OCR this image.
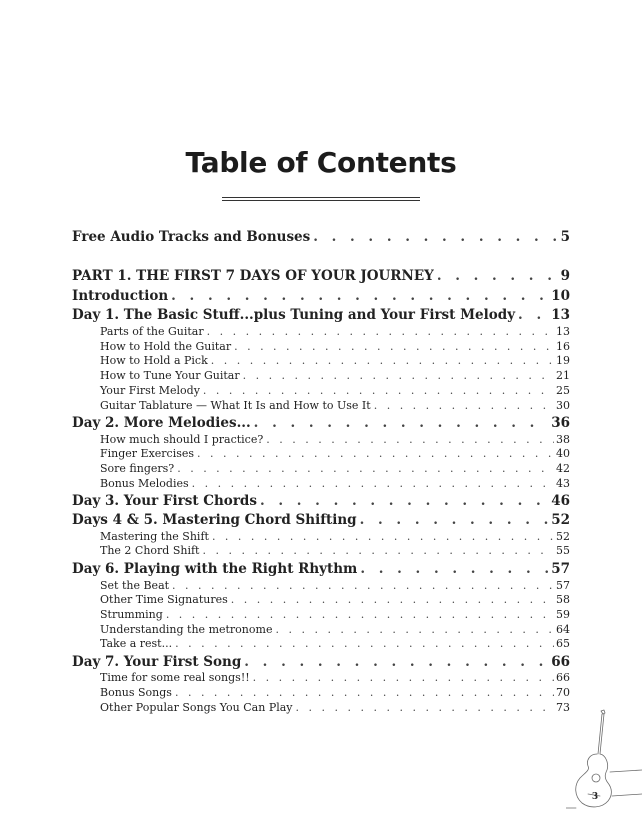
Table of Contents
Free Audio Tracks and Bonuses . . .	5
PART 1. THE FIRST 7 DAYS OF YOUR JOURNEY . . .	9
Introduction . . .	10
Day 1. The Basic Stuff...plus Tuning and Your First Melody . . .	13
Parts of the Guitar . . .	13
How to Hold the Guitar . . .	16
How to Hold a Pick . . .	19
How to Tune Your Guitar . . .	21
Your First Melody . . .	25
Guitar Tablature — What It Is and How to Use It . . .	30
Day 2. More Melodies... . . .	36
How much should I practice? . . .	38
Finger Exercises . . .	40
Sore fingers? . . .	42
Bonus Melodies . . .	43
Day 3. Your First Chords . . .	46
Days 4 & 5. Mastering Chord Shifting . . .	52
Mastering the Shift . . .	52
The 2 Chord Shift . . .	55
Day 6. Playing with the Right Rhythm . . .	57
Set the Beat . . .	57
Other Time Signatures . . .	58
Strumming . . .	59
Understanding the metronome . . .	64
Take a rest... . . .	65
Day 7. Your First Song . . .	66
Time for some real songs!! . . .	66
Bonus Songs . . .	70
Other Popular Songs You Can Play . . .	73
3
